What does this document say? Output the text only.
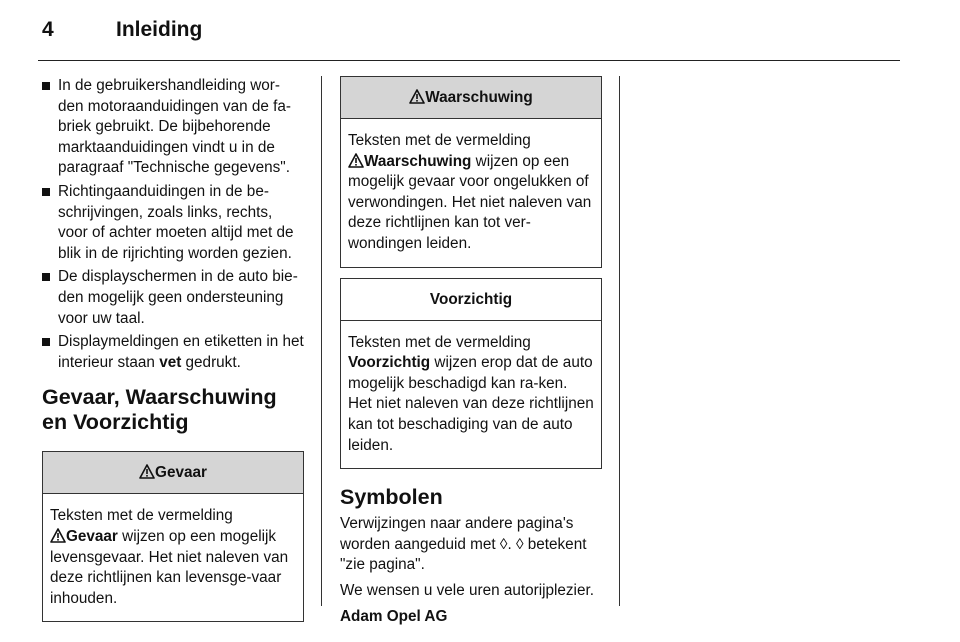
4	Inleiding
In de gebruikershandleiding wor-den motoraanduidingen van de fa-briek gebruikt. De bijbehorende marktaanduidingen vindt u in de paragraaf "Technische gegevens".
Richtingaanduidingen in de be-schrijvingen, zoals links, rechts, voor of achter moeten altijd met de blik in de rijrichting worden gezien.
De displayschermen in de auto bie-den mogelijk geen ondersteuning voor uw taal.
Displaymeldingen en etiketten in het interieur staan vet gedrukt.
Gevaar, Waarschuwing en Voorzichtig
Gevaar
Teksten met de vermelding

Gevaar wijzen op een mogelijk levensgevaar. Het niet naleven van deze richtlijnen kan levensge-vaar inhouden.
Waarschuwing
Teksten met de vermelding

Waarschuwing wijzen op een mogelijk gevaar voor ongelukken of verwondingen. Het niet naleven van deze richtlijnen kan tot ver-wondingen leiden.
Voorzichtig
Teksten met de vermelding
Voorzichtig wijzen erop dat de auto mogelijk beschadigd kan ra-ken. Het niet naleven van deze richtlijnen kan tot beschadiging van de auto leiden.
Symbolen

Verwijzingen naar andere pagina's worden aangeduid met ◊. ◊ betekent "zie pagina".

We wensen u vele uren autorijplezier.

Adam Opel AG
